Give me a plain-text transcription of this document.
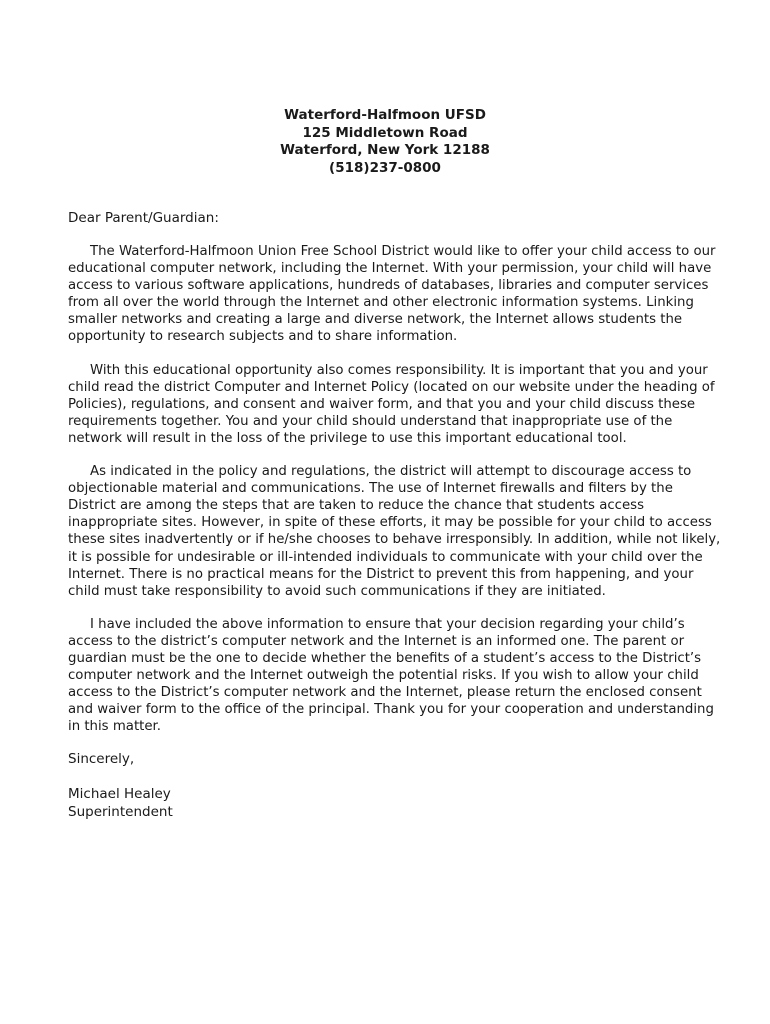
Waterford-Halfmoon UFSD
125 Middletown Road
Waterford, New York 12188
(518)237-0800
Dear Parent/Guardian:
The Waterford-Halfmoon Union Free School District would like to offer your child access to our educational computer network, including the Internet. With your permission, your child will have access to various software applications, hundreds of databases, libraries and computer services from all over the world through the Internet and other electronic information systems. Linking smaller networks and creating a large and diverse network, the Internet allows students the opportunity to research subjects and to share information.
With this educational opportunity also comes responsibility. It is important that you and your child read the district Computer and Internet Policy (located on our website under the heading of Policies), regulations, and consent and waiver form, and that you and your child discuss these requirements together. You and your child should understand that inappropriate use of the network will result in the loss of the privilege to use this important educational tool.
As indicated in the policy and regulations, the district will attempt to discourage access to objectionable material and communications. The use of Internet firewalls and filters by the District are among the steps that are taken to reduce the chance that students access inappropriate sites. However, in spite of these efforts, it may be possible for your child to access these sites inadvertently or if he/she chooses to behave irresponsibly. In addition, while not likely, it is possible for undesirable or ill-intended individuals to communicate with your child over the Internet. There is no practical means for the District to prevent this from happening, and your child must take responsibility to avoid such communications if they are initiated.
I have included the above information to ensure that your decision regarding your child’s access to the district’s computer network and the Internet is an informed one. The parent or guardian must be the one to decide whether the benefits of a student’s access to the District’s computer network and the Internet outweigh the potential risks. If you wish to allow your child access to the District’s computer network and the Internet, please return the enclosed consent and waiver form to the office of the principal. Thank you for your cooperation and understanding in this matter.
Sincerely,
Michael Healey
Superintendent
